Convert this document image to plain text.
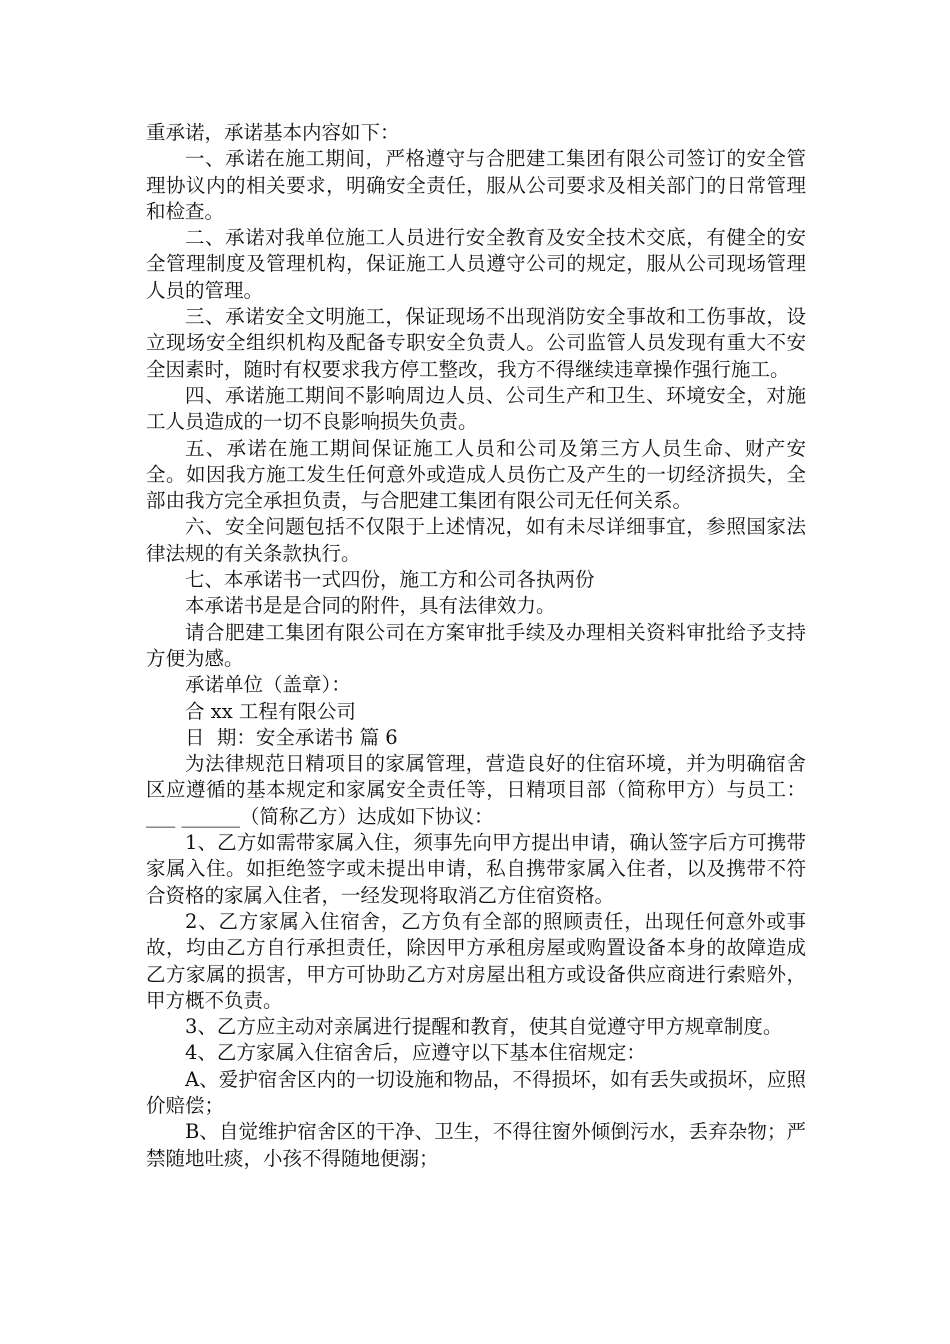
重承诺，承诺基本内容如下：

一、承诺在施工期间，严格遵守与合肥建工集团有限公司签订的安全管理协议内的相关要求，明确安全责任，服从公司要求及相关部门的日常管理和检查。

二、承诺对我单位施工人员进行安全教育及安全技术交底，有健全的安全管理制度及管理机构，保证施工人员遵守公司的规定，服从公司现场管理人员的管理。

三、承诺安全文明施工，保证现场不出现消防安全事故和工伤事故，设立现场安全组织机构及配备专职安全负责人。公司监管人员发现有重大不安全因素时，随时有权要求我方停工整改，我方不得继续违章操作强行施工。

四、承诺施工期间不影响周边人员、公司生产和卫生、环境安全，对施工人员造成的一切不良影响损失负责。

五、承诺在施工期间保证施工人员和公司及第三方人员生命、财产安全。如因我方施工发生任何意外或造成人员伤亡及产生的一切经济损失，全部由我方完全承担负责，与合肥建工集团有限公司无任何关系。

六、安全问题包括不仅限于上述情况，如有未尽详细事宜，参照国家法律法规的有关条款执行。

七、本承诺书一式四份，施工方和公司各执两份

本承诺书是是合同的附件，具有法律效力。

请合肥建工集团有限公司在方案审批手续及办理相关资料审批给予支持方便为感。

承诺单位（盖章）：

合 xx 工程有限公司

日  期：安全承诺书 篇 6

为法律规范日精项目的家属管理，营造良好的住宿环境，并为明确宿舍区应遵循的基本规定和家属安全责任等，日精项目部（简称甲方）与员工：___ ______（简称乙方）达成如下协议：

1、乙方如需带家属入住，须事先向甲方提出申请，确认签字后方可携带家属入住。如拒绝签字或未提出申请，私自携带家属入住者，以及携带不符合资格的家属入住者，一经发现将取消乙方住宿资格。

2、乙方家属入住宿舍，乙方负有全部的照顾责任，出现任何意外或事故，均由乙方自行承担责任，除因甲方承租房屋或购置设备本身的故障造成乙方家属的损害，甲方可协助乙方对房屋出租方或设备供应商进行索赔外，甲方概不负责。

3、乙方应主动对亲属进行提醒和教育，使其自觉遵守甲方规章制度。

4、乙方家属入住宿舍后，应遵守以下基本住宿规定：

A、爱护宿舍区内的一切设施和物品，不得损坏，如有丢失或损坏，应照价赔偿；

B、自觉维护宿舍区的干净、卫生，不得往窗外倾倒污水，丢弃杂物；严禁随地吐痰，小孩不得随地便溺；
